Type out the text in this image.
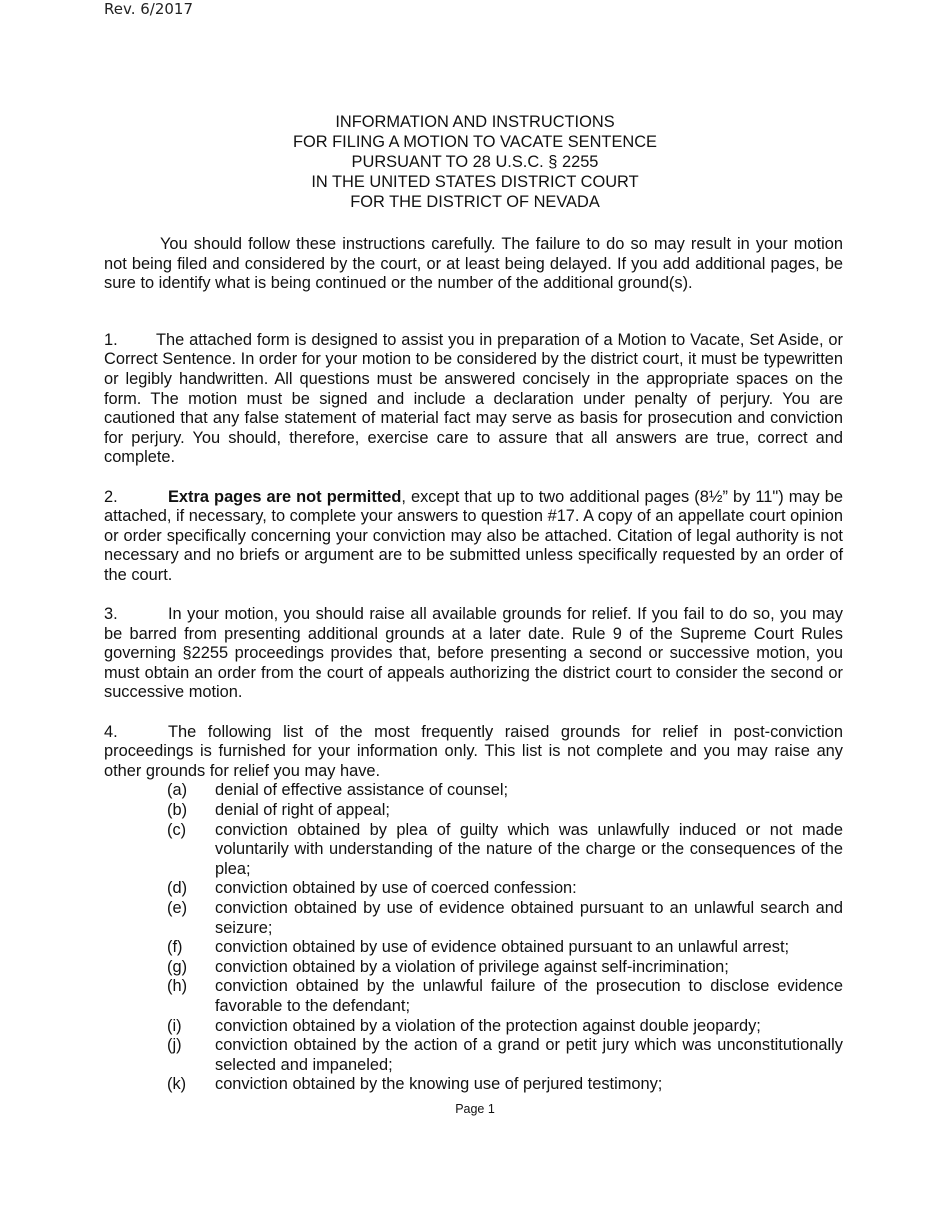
Rev. 6/2017
INFORMATION AND INSTRUCTIONS
FOR FILING A MOTION TO VACATE SENTENCE
PURSUANT TO 28 U.S.C. § 2255
IN THE UNITED STATES DISTRICT COURT
FOR THE DISTRICT OF NEVADA

You should follow these instructions carefully. The failure to do so may result in your motion not being filed and considered by the court, or at least being delayed. If you add additional pages, be sure to identify what is being continued or the number of the additional ground(s).

1. The attached form is designed to assist you in preparation of a Motion to Vacate, Set Aside, or Correct Sentence. In order for your motion to be considered by the district court, it must be typewritten or legibly handwritten. All questions must be answered concisely in the appropriate spaces on the form. The motion must be signed and include a declaration under penalty of perjury. You are cautioned that any false statement of material fact may serve as basis for prosecution and conviction for perjury. You should, therefore, exercise care to assure that all answers are true, correct and complete.

2.	Extra pages are not permitted, except that up to two additional pages (8½” by 11") may be attached, if necessary, to complete your answers to question #17. A copy of an appellate court opinion or order specifically concerning your conviction may also be attached. Citation of legal authority is not necessary and no briefs or argument are to be submitted unless specifically requested by an order of the court.

3.	In your motion, you should raise all available grounds for relief. If you fail to do so, you may be barred from presenting additional grounds at a later date. Rule 9 of the Supreme Court Rules governing §2255 proceedings provides that, before presenting a second or successive motion, you must obtain an order from the court of appeals authorizing the district court to consider the second or successive motion.

4.	The following list of the most frequently raised grounds for relief in post-conviction proceedings is furnished for your information only. This list is not complete and you may raise any other grounds for relief you may have.

(a) denial of effective assistance of counsel;
(b) denial of right of appeal;
(c) conviction obtained by plea of guilty which was unlawfully induced or not made voluntarily with understanding of the nature of the charge or the consequences of the plea;
(d) conviction obtained by use of coerced confession:
(e) conviction obtained by use of evidence obtained pursuant to an unlawful search and seizure;
(f) conviction obtained by use of evidence obtained pursuant to an unlawful arrest;
(g) conviction obtained by a violation of privilege against self-incrimination;
(h) conviction obtained by the unlawful failure of the prosecution to disclose evidence favorable to the defendant;
(i) conviction obtained by a violation of the protection against double jeopardy;
(j) conviction obtained by the action of a grand or petit jury which was unconstitutionally selected and impaneled;
(k) conviction obtained by the knowing use of perjured testimony;
Page 1
